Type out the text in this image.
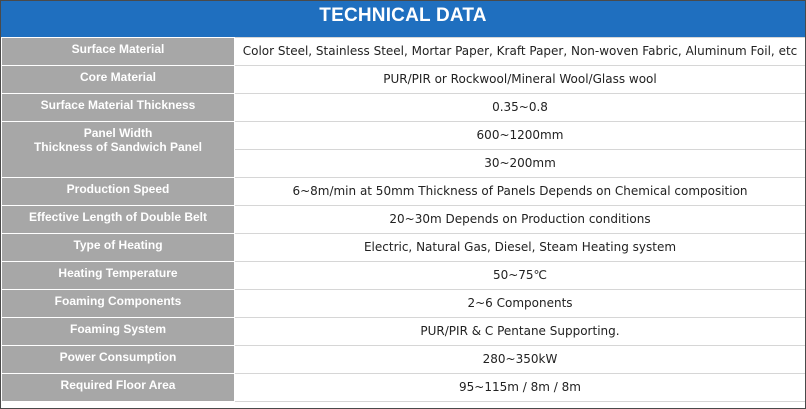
TECHNICAL DATA
Surface Material	Color Steel, Stainless Steel, Mortar Paper, Kraft Paper, Non-woven Fabric, Aluminum Foil, etc
Core Material	PUR/PIR or Rockwool/Mineral Wool/Glass wool
Surface Material Thickness	0.35~0.8

Panel Width
Thickness of Sandwich Panel	600~1200mm
	30~200mm
Production Speed	6~8m/min at 50mm Thickness of Panels Depends on Chemical composition
Effective Length of Double Belt	20~30m Depends on Production conditions
Type of Heating	Electric, Natural Gas, Diesel, Steam Heating system
Heating Temperature	50~75℃
Foaming Components	2~6 Components
Foaming System	PUR/PIR & C Pentane Supporting.
Power Consumption	280~350kW
Required Floor Area	95~115m / 8m / 8m
